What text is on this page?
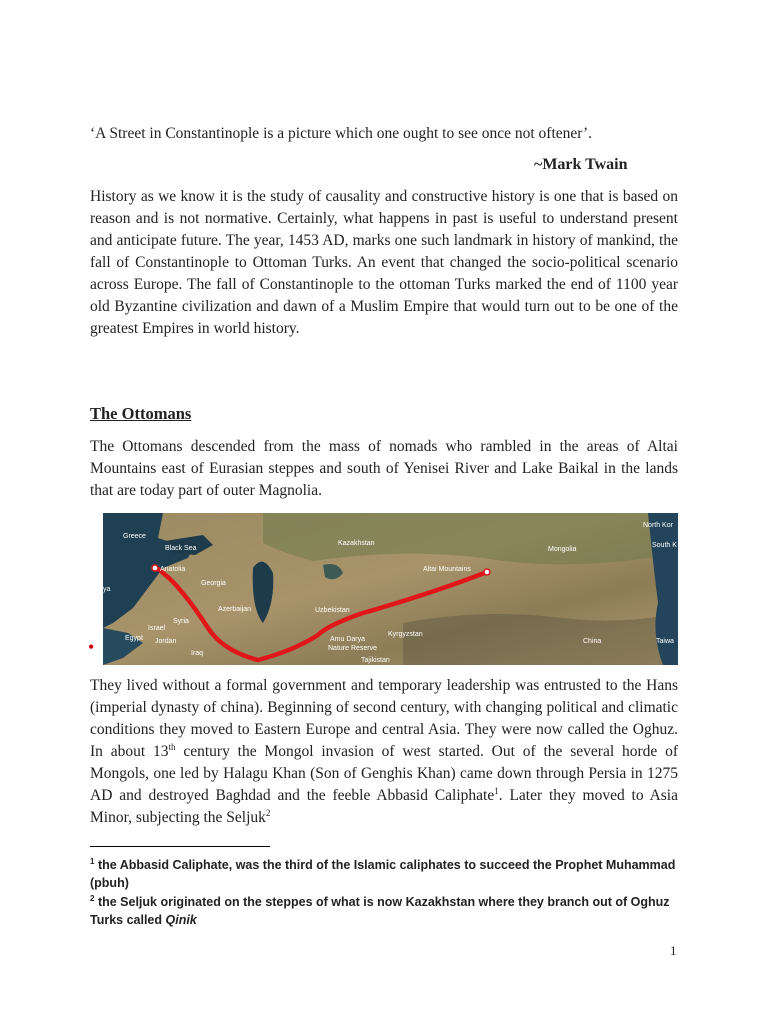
‘A Street in Constantinople is a picture which one ought to see once not oftener’.
~Mark Twain

History as we know it is the study of causality and constructive history is one that is based on reason and is not normative. Certainly, what happens in past is useful to understand present and anticipate future. The year, 1453 AD, marks one such landmark in history of mankind, the fall of Constantinople to Ottoman Turks. An event that changed the socio-political scenario across Europe. The fall of Constantinople to the ottoman Turks marked the end of 1100 year old Byzantine civilization and dawn of a Muslim Empire that would turn out to be one of the greatest Empires in world history.

The Ottomans

The Ottomans descended from the mass of nomads who rambled in the areas of Altai Mountains east of Eurasian steppes and south of Yenisei River and Lake Baikal in the lands that are today part of outer Magnolia.

•
Greece
Black Sea
Anatolia
Georgia
Azerbaijan
Syria
Israel
Egypt Jordan
Iraq
ya
Kazakhstan
Uzbekistan
Amu Darya
Nature Reserve
Kyrgyzstan
Tajikistan
Altai Mountains
Mongolia
China
North Kor
South K
Taiwa

They lived without a formal government and temporary leadership was entrusted to the Hans (imperial dynasty of china). Beginning of second century, with changing political and climatic conditions they moved to Eastern Europe and central Asia. They were now called the Oghuz. In about 13th century the Mongol invasion of west started. Out of the several horde of Mongols, one led by Halagu Khan (Son of Genghis Khan) came down through Persia in 1275 AD and destroyed Baghdad and the feeble Abbasid Caliphate$^1$. Later they moved to Asia Minor, subjecting the Seljuk$^2$

$^1$ the Abbasid Caliphate, was the third of the Islamic caliphates to succeed the Prophet Muhammad (pbuh)

$^2$ the Seljuk originated on the steppes of what is now Kazakhstan where they branch out of Oghuz Turks called Qinik

1
